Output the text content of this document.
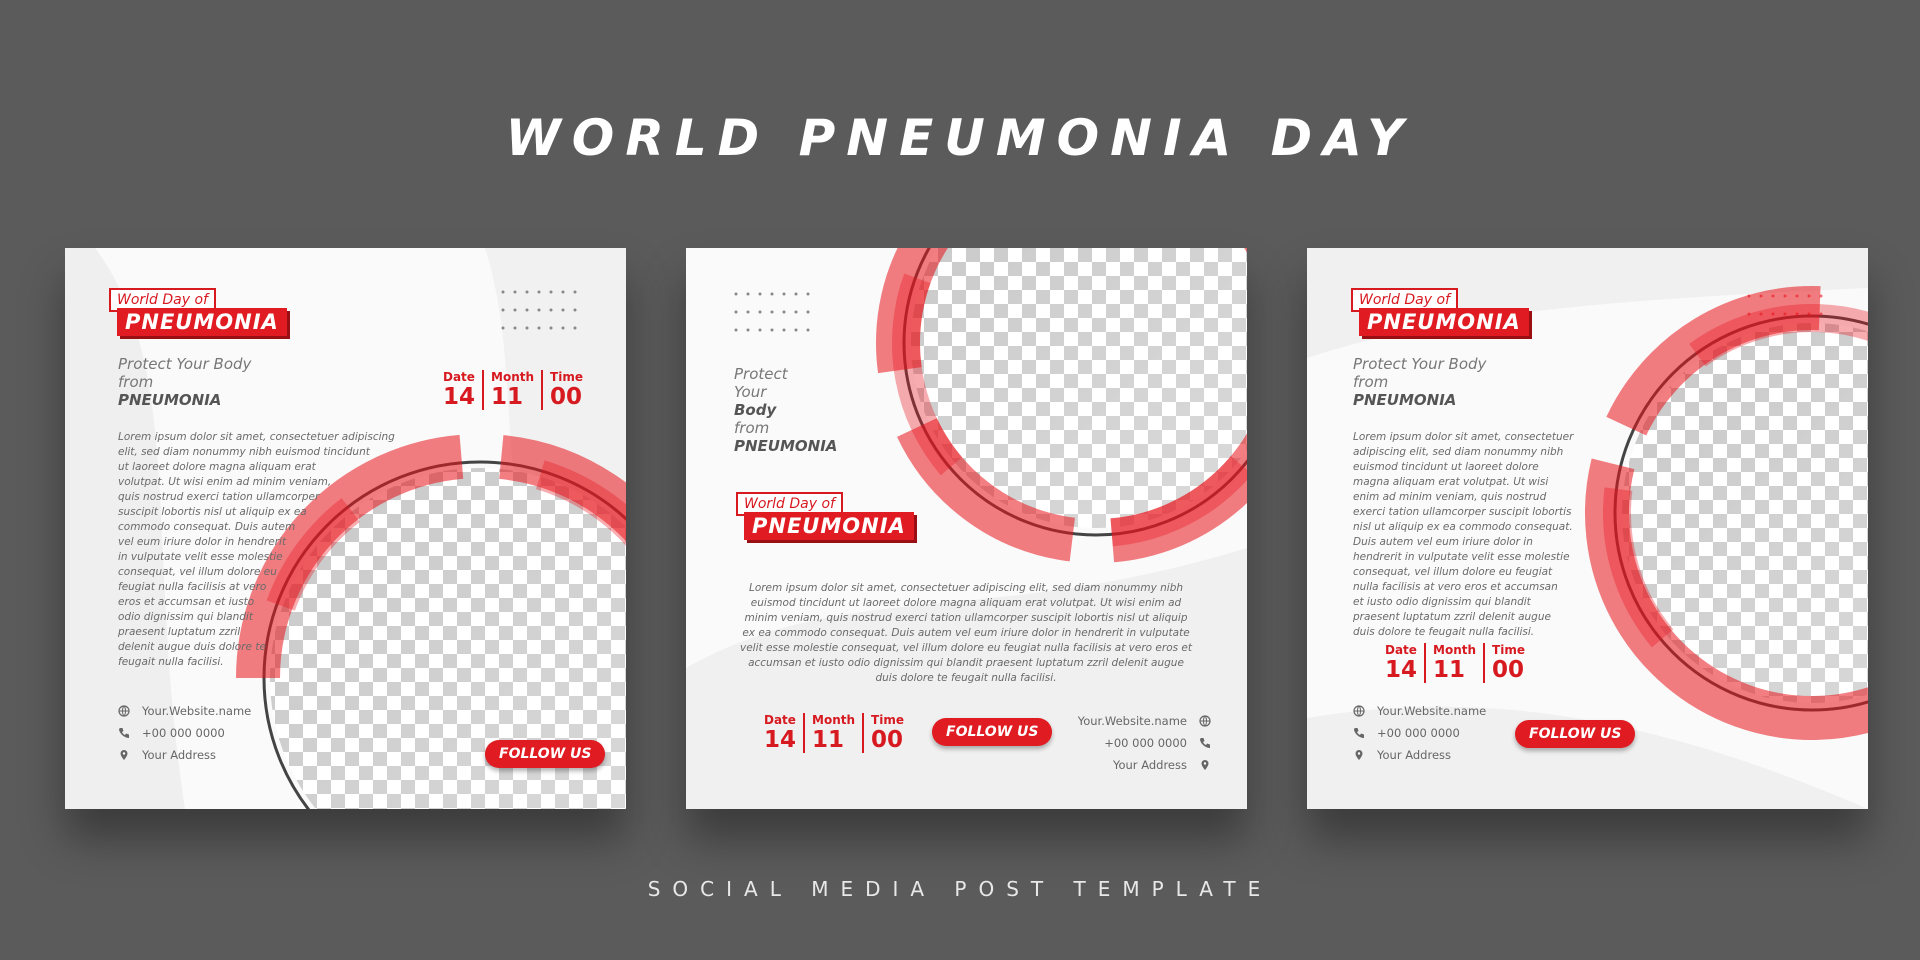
WORLD PNEUMONIA DAY
World Day of
PNEUMONIA
Protect Your Body
from
PNEUMONIA
Date
14
Month
11
Time
00
Lorem ipsum dolor sit amet, consectetuer adipiscing
elit, sed diam nonummy nibh euismod tincidunt
ut laoreet dolore magna aliquam erat
volutpat. Ut wisi enim ad minim veniam,
quis nostrud exerci tation ullamcorper
suscipit lobortis nisl ut aliquip ex ea
commodo consequat. Duis autem
vel eum iriure dolor in hendrerit
in vulputate velit esse molestie
consequat, vel illum dolore eu
feugiat nulla facilisis at vero
eros et accumsan et iusto
odio dignissim qui blandit
praesent luptatum zzril
delenit augue duis dolore te
feugait nulla facilisi.
Your.Website.name
+00 000 0000
Your Address	FOLLOW US
Protect
Your
Body
from
PNEUMONIA
World Day of
PNEUMONIA
Lorem ipsum dolor sit amet, consectetuer adipiscing elit, sed diam nonummy nibh
euismod tincidunt ut laoreet dolore magna aliquam erat volutpat. Ut wisi enim ad
minim veniam, quis nostrud exerci tation ullamcorper suscipit lobortis nisl ut aliquip
ex ea commodo consequat. Duis autem vel eum iriure dolor in hendrerit in vulputate
velit esse molestie consequat, vel illum dolore eu feugiat nulla facilisis at vero eros et
accumsan et iusto odio dignissim qui blandit praesent luptatum zzril delenit augue
duis dolore te feugait nulla facilisi.
Date
14
Month
11
Time
00	FOLLOW US
Your.Website.name
+00 000 0000
Your Address
World Day of
PNEUMONIA
Protect Your Body
from
PNEUMONIA
Lorem ipsum dolor sit amet, consectetuer
adipiscing elit, sed diam nonummy nibh
euismod tincidunt ut laoreet dolore
magna aliquam erat volutpat. Ut wisi
enim ad minim veniam, quis nostrud
exerci tation ullamcorper suscipit lobortis
nisl ut aliquip ex ea commodo consequat.
Duis autem vel eum iriure dolor in
hendrerit in vulputate velit esse molestie
consequat, vel illum dolore eu feugiat
nulla facilisis at vero eros et accumsan
et iusto odio dignissim qui blandit
praesent luptatum zzril delenit augue
duis dolore te feugait nulla facilisi.
Date
14
Month
11
Time
00
Your.Website.name
+00 000 0000
Your Address
FOLLOW US

SOCIAL MEDIA POST TEMPLATE
